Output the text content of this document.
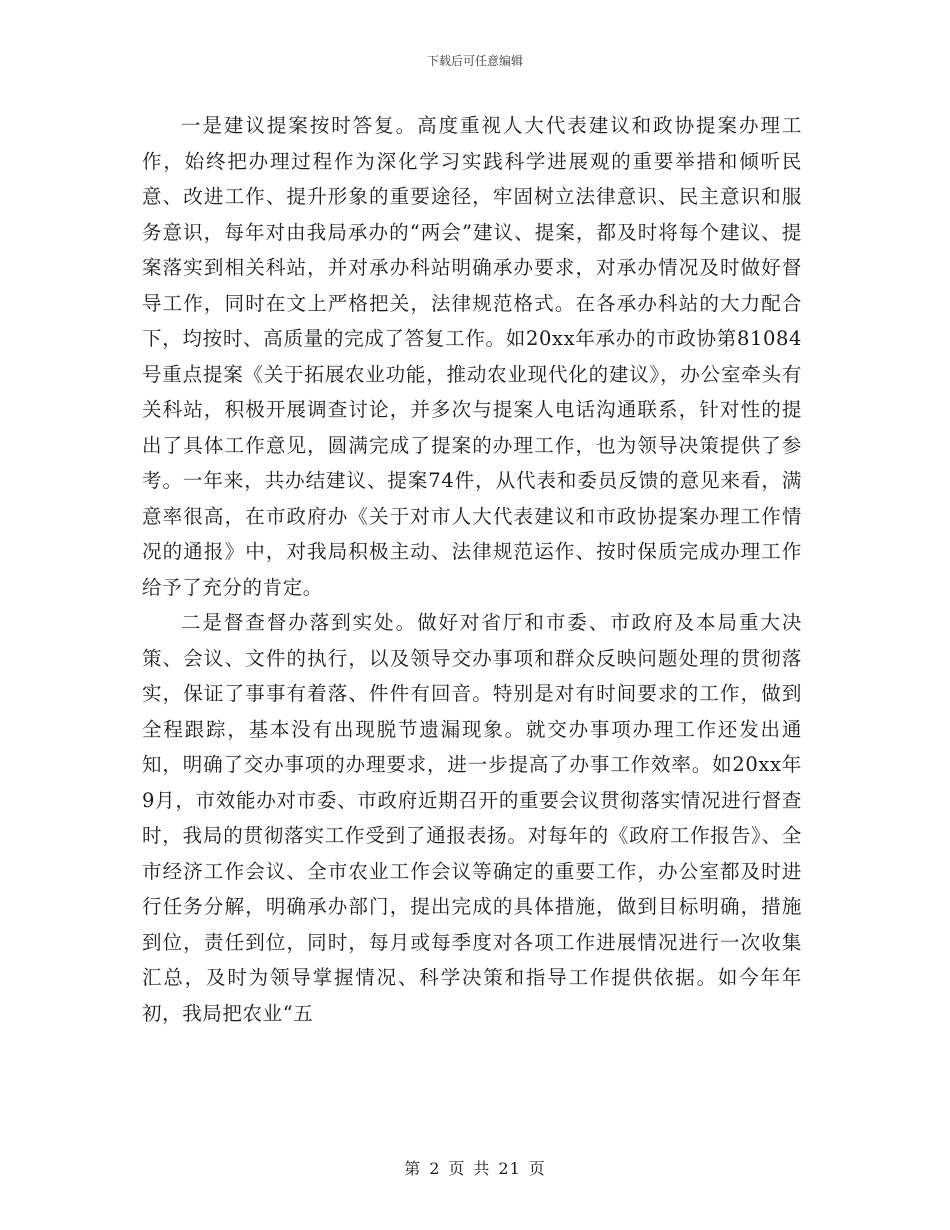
下载后可任意编辑

一是建议提案按时答复。高度重视人大代表建议和政协提案办理工作，始终把办理过程作为深化学习实践科学进展观的重要举措和倾听民意、改进工作、提升形象的重要途径，牢固树立法律意识、民主意识和服务意识，每年对由我局承办的“两会”建议、提案，都及时将每个建议、提案落实到相关科站，并对承办科站明确承办要求，对承办情况及时做好督导工作，同时在文上严格把关，法律规范格式。在各承办科站的大力配合下，均按时、高质量的完成了答复工作。如20xx年承办的市政协第81084号重点提案《关于拓展农业功能，推动农业现代化的建议》，办公室牵头有关科站，积极开展调查讨论，并多次与提案人电话沟通联系，针对性的提出了具体工作意见，圆满完成了提案的办理工作，也为领导决策提供了参考。一年来，共办结建议、提案74件，从代表和委员反馈的意见来看，满意率很高，在市政府办《关于对市人大代表建议和市政协提案办理工作情况的通报》中，对我局积极主动、法律规范运作、按时保质完成办理工作给予了充分的肯定。

二是督查督办落到实处。做好对省厅和市委、市政府及本局重大决策、会议、文件的执行，以及领导交办事项和群众反映问题处理的贯彻落实，保证了事事有着落、件件有回音。特别是对有时间要求的工作，做到全程跟踪，基本没有出现脱节遗漏现象。就交办事项办理工作还发出通知，明确了交办事项的办理要求，进一步提高了办事工作效率。如20xx年9月，市效能办对市委、市政府近期召开的重要会议贯彻落实情况进行督查时，我局的贯彻落实工作受到了通报表扬。对每年的《政府工作报告》、全市经济工作会议、全市农业工作会议等确定的重要工作，办公室都及时进行任务分解，明确承办部门，提出完成的具体措施，做到目标明确，措施到位，责任到位，同时，每月或每季度对各项工作进展情况进行一次收集汇总，及时为领导掌握情况、科学决策和指导工作提供依据。如今年年初，我局把农业“五

第 2 页 共 21 页
